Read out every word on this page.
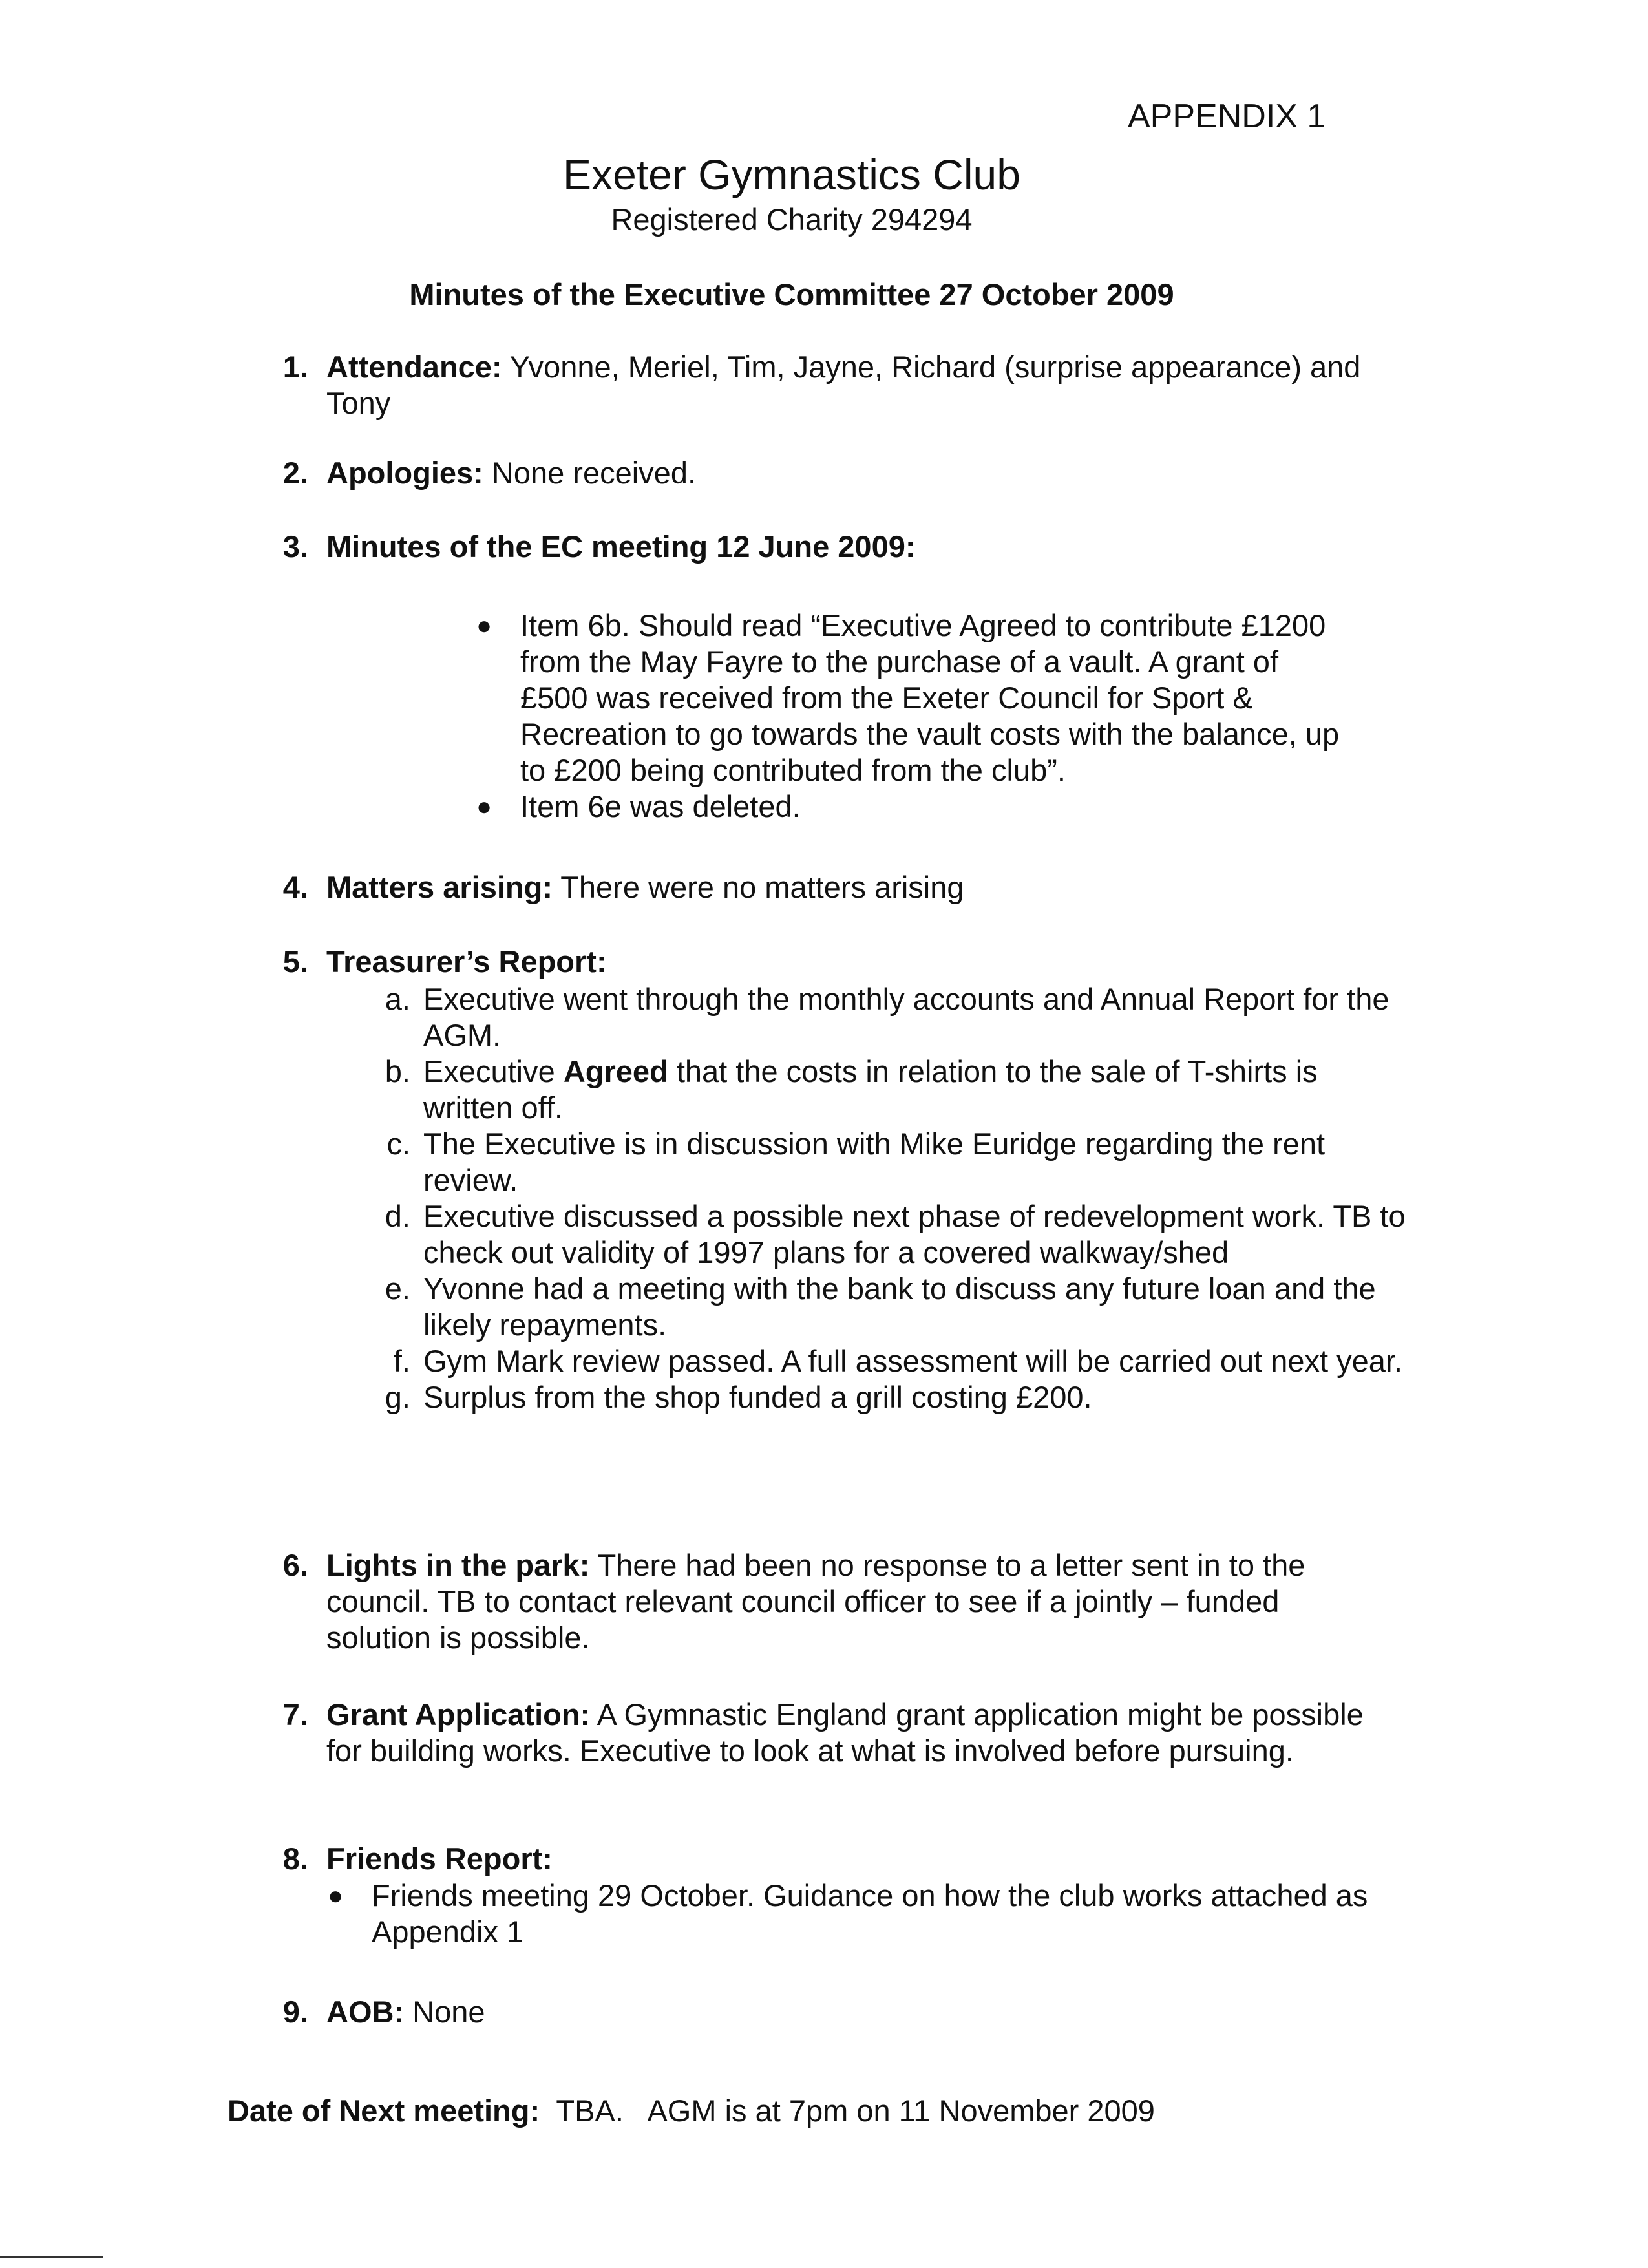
APPENDIX 1
Exeter Gymnastics Club
Registered Charity 294294
Minutes of the Executive Committee 27 October 2009
1. Attendance: Yvonne, Meriel, Tim, Jayne, Richard (surprise appearance) and Tony
2. Apologies: None received.
3. Minutes of the EC meeting 12 June 2009:
● Item 6b. Should read “Executive Agreed to contribute £1200 from the May Fayre to the purchase of a vault. A grant of £500 was received from the Exeter Council for Sport & Recreation to go towards the vault costs with the balance, up to £200 being contributed from the club”.
● Item 6e was deleted.
4. Matters arising: There were no matters arising
5. Treasurer’s Report:
a. Executive went through the monthly accounts and Annual Report for the AGM.
b. Executive Agreed that the costs in relation to the sale of T-shirts is written off.
c. The Executive is in discussion with Mike Euridge regarding the rent review.
d. Executive discussed a possible next phase of redevelopment work. TB to check out validity of 1997 plans for a covered walkway/shed
e. Yvonne had a meeting with the bank to discuss any future loan and the likely repayments.
f. Gym Mark review passed. A full assessment will be carried out next year.
g. Surplus from the shop funded a grill costing £200.
6. Lights in the park: There had been no response to a letter sent in to the council. TB to contact relevant council officer to see if a jointly – funded solution is possible.
7. Grant Application: A Gymnastic England grant application might be possible for building works. Executive to look at what is involved before pursuing.
8. Friends Report:
● Friends meeting 29 October. Guidance on how the club works attached as Appendix 1
9. AOB: None
Date of Next meeting:  TBA.   AGM is at 7pm on 11 November 2009
